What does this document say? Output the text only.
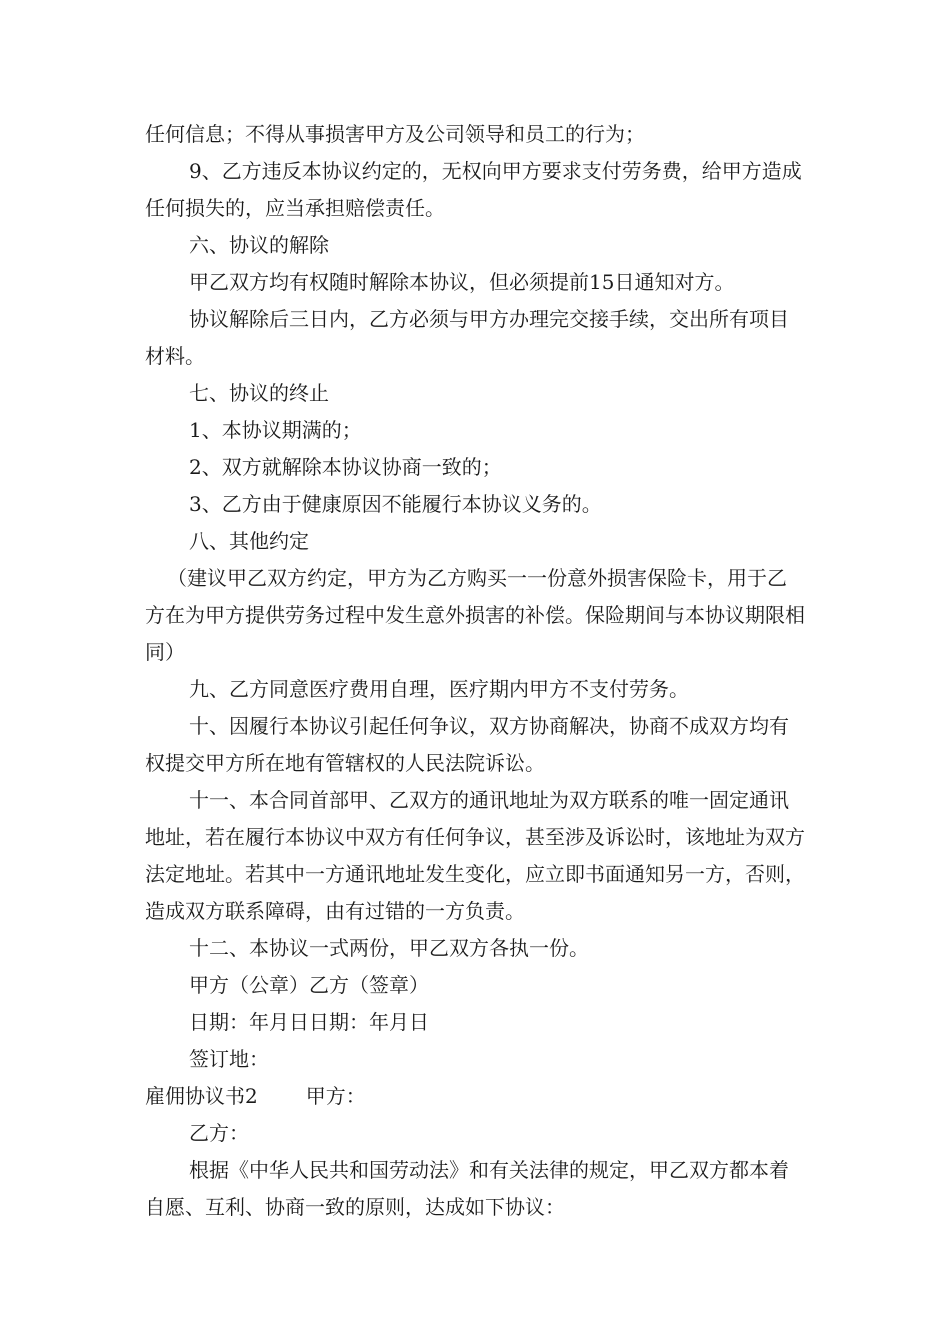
任何信息；不得从事损害甲方及公司领导和员工的行为；

9、乙方违反本协议约定的，无权向甲方要求支付劳务费，给甲方造成任何损失的，应当承担赔偿责任。

六、协议的解除

甲乙双方均有权随时解除本协议，但必须提前15日通知对方。

协议解除后三日内，乙方必须与甲方办理完交接手续，交出所有项目材料。

七、协议的终止

1、本协议期满的；

2、双方就解除本协议协商一致的；

3、乙方由于健康原因不能履行本协议义务的。

八、其他约定

（建议甲乙双方约定，甲方为乙方购买一一份意外损害保险卡，用于乙方在为甲方提供劳务过程中发生意外损害的补偿。保险期间与本协议期限相同）

九、乙方同意医疗费用自理，医疗期内甲方不支付劳务。

十、因履行本协议引起任何争议，双方协商解决，协商不成双方均有权提交甲方所在地有管辖权的人民法院诉讼。

十一、本合同首部甲、乙双方的通讯地址为双方联系的唯一固定通讯地址，若在履行本协议中双方有任何争议，甚至涉及诉讼时，该地址为双方法定地址。若其中一方通讯地址发生变化，应立即书面通知另一方，否则，造成双方联系障碍，由有过错的一方负责。

十二、本协议一式两份，甲乙双方各执一份。

甲方（公章）乙方（签章）

日期：年月日日期：年月日

签订地：

雇佣协议书2 甲方：

乙方：

根据《中华人民共和国劳动法》和有关法律的规定，甲乙双方都本着自愿、互利、协商一致的原则，达成如下协议：
